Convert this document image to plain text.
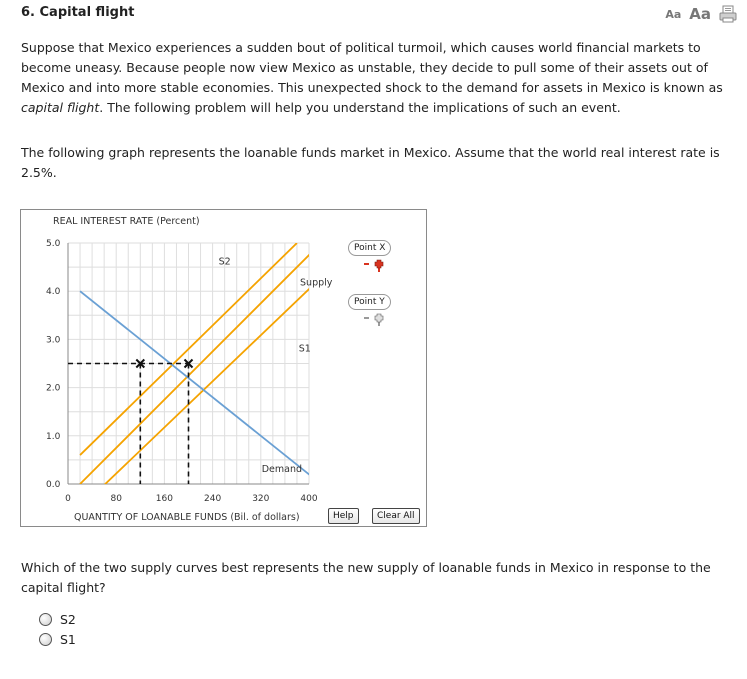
6. Capital flight	Aa Aa
Suppose that Mexico experiences a sudden bout of political turmoil, which causes world financial markets to become uneasy. Because people now view Mexico as unstable, they decide to pull some of their assets out of Mexico and into more stable economies. This unexpected shock to the demand for assets in Mexico is known as capital flight. The following problem will help you understand the implications of such an event.
The following graph represents the loanable funds market in Mexico. Assume that the world real interest rate is 2.5%.
0.0
1.0
2.0
3.0
4.0
5.0
0	80	160	240	320	400
REAL INTEREST RATE (Percent)
QUANTITY OF LOANABLE FUNDS (Bil. of dollars)
Supply
S2
S1
Demand
Point X
Point Y
Help	Clear All
Which of the two supply curves best represents the new supply of loanable funds in Mexico in response to the capital flight?
S2
S1
